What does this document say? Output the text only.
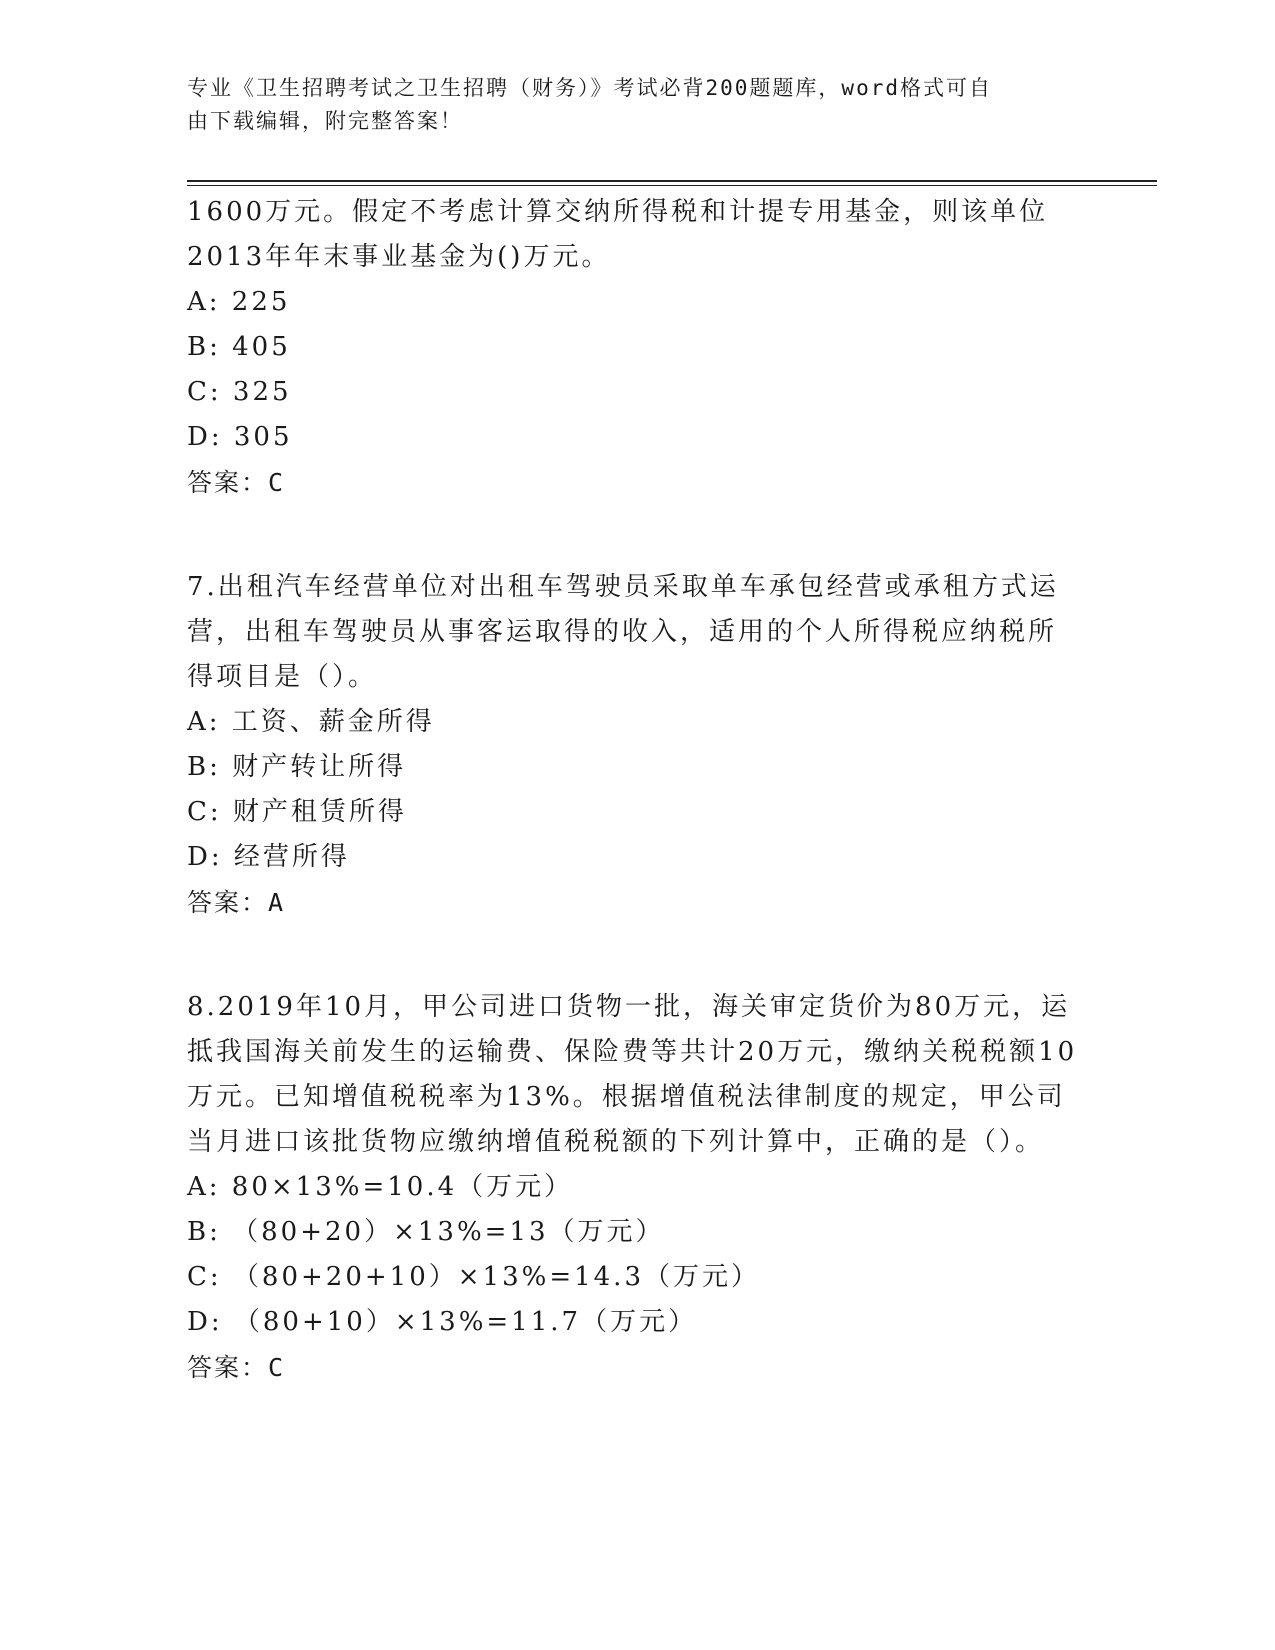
专业《卫生招聘考试之卫生招聘（财务）》考试必背200题题库，word格式可自
由下载编辑，附完整答案！

1600万元。假定不考虑计算交纳所得税和计提专用基金，则该单位

2013年年末事业基金为()万元。

A: 225

B: 405

C: 325

D: 305

答案：C

7.出租汽车经营单位对出租车驾驶员采取单车承包经营或承租方式运

营，出租车驾驶员从事客运取得的收入，适用的个人所得税应纳税所

得项目是（）。

A: 工资、薪金所得

B: 财产转让所得

C: 财产租赁所得

D: 经营所得

答案：A

8.2019年10月，甲公司进口货物一批，海关审定货价为80万元，运

抵我国海关前发生的运输费、保险费等共计20万元，缴纳关税税额10

万元。已知增值税税率为13%。根据增值税法律制度的规定，甲公司

当月进口该批货物应缴纳增值税税额的下列计算中，正确的是（）。

A: 80×13%=10.4（万元）

B: （80+20）×13%=13（万元）

C: （80+20+10）×13%=14.3（万元）

D: （80+10）×13%=11.7（万元）

答案：C
